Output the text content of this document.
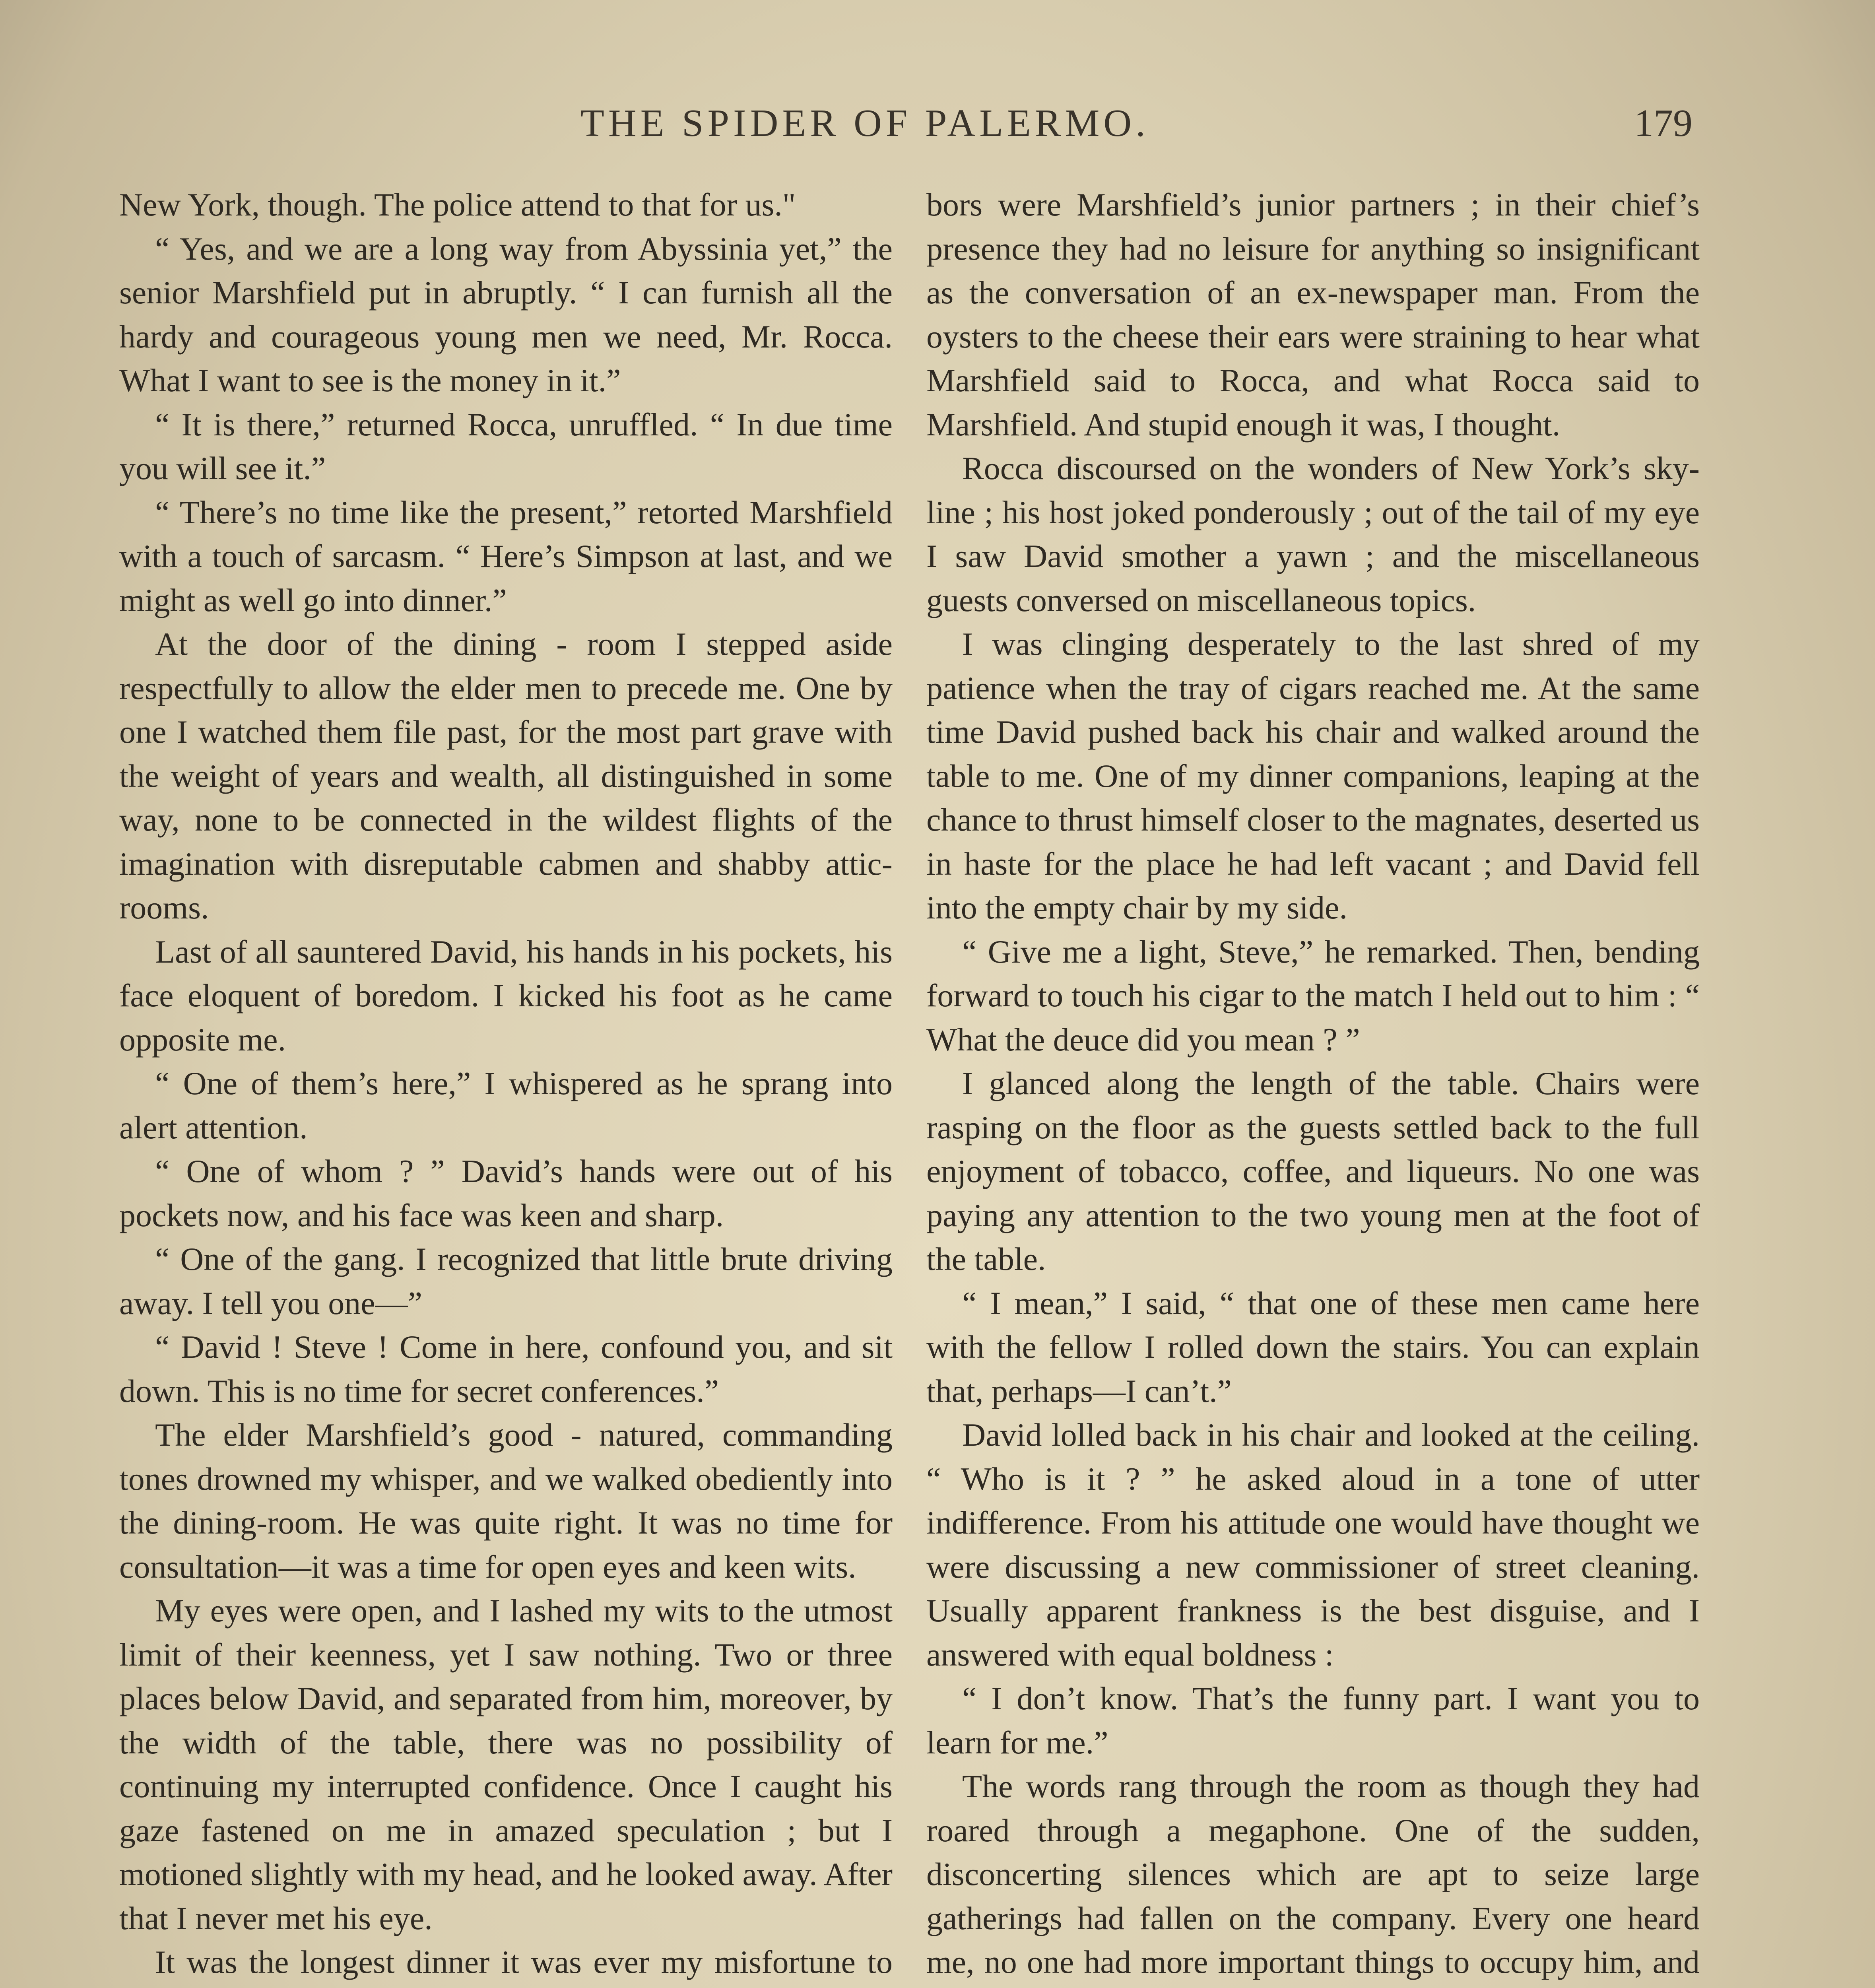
THE SPIDER OF PALERMO.	179

New York, though. The police attend to that for us."

“ Yes, and we are a long way from Abyssinia yet,” the senior Marshfield put in abruptly. “ I can furnish all the hardy and courageous young men we need, Mr. Rocca. What I want to see is the money in it.”

“ It is there,” returned Rocca, unruffled. “ In due time you will see it.”

“ There’s no time like the present,” retorted Marshfield with a touch of sarcasm. “ Here’s Simpson at last, and we might as well go into dinner.”

At the door of the dining - room I stepped aside respectfully to allow the elder men to precede me. One by one I watched them file past, for the most part grave with the weight of years and wealth, all distinguished in some way, none to be connected in the wildest flights of the imagination with disreputable cabmen and shabby attic-rooms.

Last of all sauntered David, his hands in his pockets, his face eloquent of boredom. I kicked his foot as he came opposite me.

“ One of them’s here,” I whispered as he sprang into alert attention.

“ One of whom ? ” David’s hands were out of his pockets now, and his face was keen and sharp.

“ One of the gang. I recognized that little brute driving away. I tell you one—”

“ David ! Steve ! Come in here, confound you, and sit down. This is no time for secret conferences.”

The elder Marshfield’s good - natured, commanding tones drowned my whisper, and we walked obediently into the dining-room. He was quite right. It was no time for consultation—it was a time for open eyes and keen wits.

My eyes were open, and I lashed my wits to the utmost limit of their keenness, yet I saw nothing. Two or three places below David, and separated from him, moreover, by the width of the table, there was no possibility of continuing my interrupted confidence. Once I caught his gaze fastened on me in amazed speculation ; but I motioned slightly with my head, and he looked away. After that I never met his eye.

It was the longest dinner it was ever my misfortune to

bors were Marshfield’s junior partners ; in their chief’s presence they had no leisure for anything so insignificant as the conversation of an ex-newspaper man. From the oysters to the cheese their ears were straining to hear what Marshfield said to Rocca, and what Rocca said to Marshfield. And stupid enough it was, I thought.

Rocca discoursed on the wonders of New York’s sky-line ; his host joked ponderously ; out of the tail of my eye I saw David smother a yawn ; and the miscellaneous guests conversed on miscellaneous topics.

I was clinging desperately to the last shred of my patience when the tray of cigars reached me. At the same time David pushed back his chair and walked around the table to me. One of my dinner companions, leaping at the chance to thrust himself closer to the magnates, deserted us in haste for the place he had left vacant ; and David fell into the empty chair by my side.

“ Give me a light, Steve,” he remarked. Then, bending forward to touch his cigar to the match I held out to him : “ What the deuce did you mean ? ”

I glanced along the length of the table. Chairs were rasping on the floor as the guests settled back to the full enjoyment of tobacco, coffee, and liqueurs. No one was paying any attention to the two young men at the foot of the table.

“ I mean,” I said, “ that one of these men came here with the fellow I rolled down the stairs. You can explain that, perhaps—I can’t.”

David lolled back in his chair and looked at the ceiling. “ Who is it ? ” he asked aloud in a tone of utter indifference. From his attitude one would have thought we were discussing a new commissioner of street cleaning. Usually apparent frankness is the best disguise, and I answered with equal boldness :

“ I don’t know. That’s the funny part. I want you to learn for me.”

The words rang through the room as though they had roared through a megaphone. One of the sudden, disconcerting silences which are apt to seize large gatherings had fallen on the company. Every one heard me, no one had more important things to occupy him, and
